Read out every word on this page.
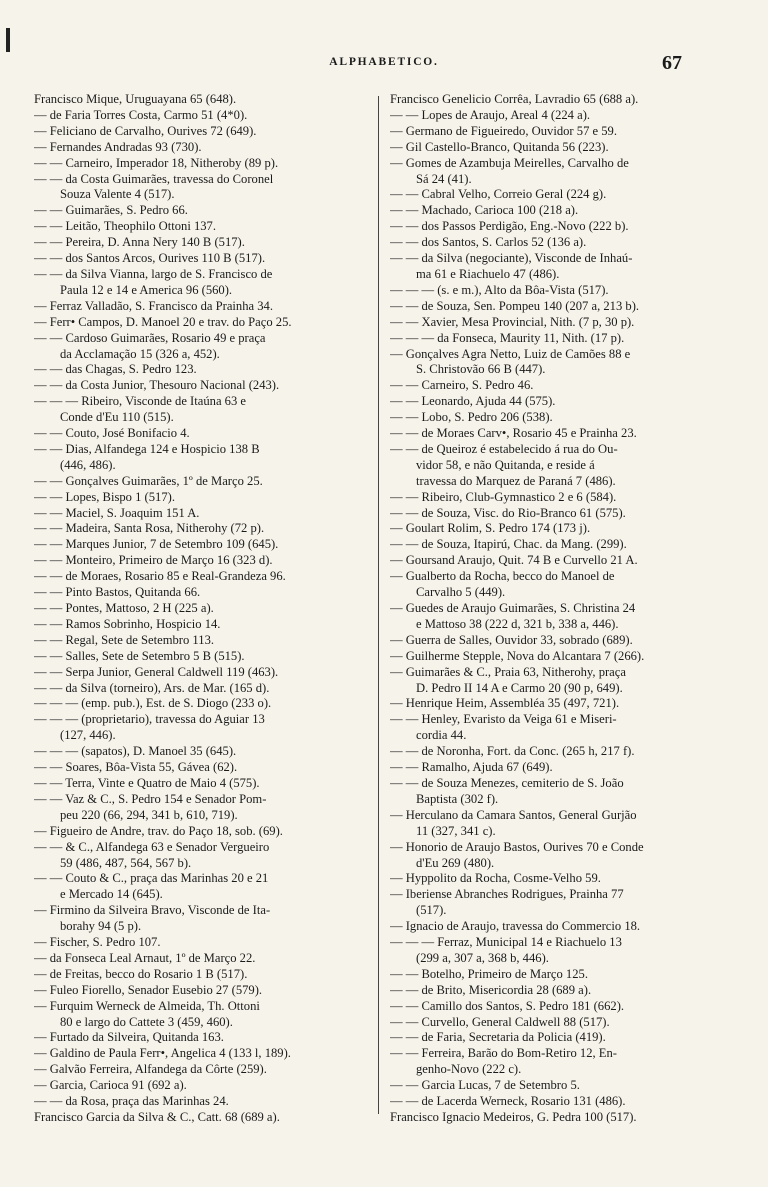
ALPHABETICO.	67
Francisco Mique, Uruguayana 65 (648).
— de Faria Torres Costa, Carmo 51 (4*0).
— Feliciano de Carvalho, Ourives 72 (649).
— Fernandes Andradas 93 (730).
— — Carneiro, Imperador 18, Nitheroby (89 p).
— — da Costa Guimarães, travessa do Coronel
Souza Valente 4 (517).
— — Guimarães, S. Pedro 66.
— — Leitão, Theophilo Ottoni 137.
— — Pereira, D. Anna Nery 140 B (517).
— — dos Santos Arcos, Ourives 110 B (517).
— — da Silva Vianna, largo de S. Francisco de
Paula 12 e 14 e America 96 (560).
— Ferraz Valladão, S. Francisco da Prainha 34.
— Ferr• Campos, D. Manoel 20 e trav. do Paço 25.
— — Cardoso Guimarães, Rosario 49 e praça
da Acclamação 15 (326 a, 452).
— — das Chagas, S. Pedro 123.
— — da Costa Junior, Thesouro Nacional (243).
— — — Ribeiro, Visconde de Itaúna 63 e
Conde d'Eu 110 (515).
— — Couto, José Bonifacio 4.
— — Dias, Alfandega 124 e Hospicio 138 B
(446, 486).
— — Gonçalves Guimarães, 1º de Março 25.
— — Lopes, Bispo 1 (517).
— — Maciel, S. Joaquim 151 A.
— — Madeira, Santa Rosa, Nitherohy (72 p).
— — Marques Junior, 7 de Setembro 109 (645).
— — Monteiro, Primeiro de Março 16 (323 d).
— — de Moraes, Rosario 85 e Real-Grandeza 96.
— — Pinto Bastos, Quitanda 66.
— — Pontes, Mattoso, 2 H (225 a).
— — Ramos Sobrinho, Hospicio 14.
— — Regal, Sete de Setembro 113.
— — Salles, Sete de Setembro 5 B (515).
— — Serpa Junior, General Caldwell 119 (463).
— — da Silva (torneiro), Ars. de Mar. (165 d).
— — — (emp. pub.), Est. de S. Diogo (233 o).
— — — (proprietario), travessa do Aguiar 13
(127, 446).
— — — (sapatos), D. Manoel 35 (645).
— — Soares, Bôa-Vista 55, Gávea (62).
— — Terra, Vinte e Quatro de Maio 4 (575).
— — Vaz & C., S. Pedro 154 e Senador Pom-
peu 220 (66, 294, 341 b, 610, 719).
— Figueiro de Andre, trav. do Paço 18, sob. (69).
— — & C., Alfandega 63 e Senador Vergueiro
59 (486, 487, 564, 567 b).
— — Couto & C., praça das Marinhas 20 e 21
e Mercado 14 (645).
— Firmino da Silveira Bravo, Visconde de Ita-
borahy 94 (5 p).
— Fischer, S. Pedro 107.
— da Fonseca Leal Arnaut, 1º de Março 22.
— de Freitas, becco do Rosario 1 B (517).
— Fuleo Fiorello, Senador Eusebio 27 (579).
— Furquim Werneck de Almeida, Th. Ottoni
80 e largo do Cattete 3 (459, 460).
— Furtado da Silveira, Quitanda 163.
— Galdino de Paula Ferr•, Angelica 4 (133 l, 189).
— Galvão Ferreira, Alfandega da Côrte (259).
— Garcia, Carioca 91 (692 a).
— — da Rosa, praça das Marinhas 24.
Francisco Garcia da Silva & C., Catt. 68 (689 a).
Francisco Genelicio Corrêa, Lavradio 65 (688 a).
— — Lopes de Araujo, Areal 4 (224 a).
— Germano de Figueiredo, Ouvidor 57 e 59.
— Gil Castello-Branco, Quitanda 56 (223).
— Gomes de Azambuja Meirelles, Carvalho de
Sá 24 (41).
— — Cabral Velho, Correio Geral (224 g).
— — Machado, Carioca 100 (218 a).
— — dos Passos Perdigão, Eng.-Novo (222 b).
— — dos Santos, S. Carlos 52 (136 a).
— — da Silva (negociante), Visconde de Inhaú-
ma 61 e Riachuelo 47 (486).
— — — (s. e m.), Alto da Bôa-Vista (517).
— — de Souza, Sen. Pompeu 140 (207 a, 213 b).
— — Xavier, Mesa Provincial, Nith. (7 p, 30 p).
— — — da Fonseca, Maurity 11, Nith. (17 p).
— Gonçalves Agra Netto, Luiz de Camões 88 e
S. Christovão 66 B (447).
— — Carneiro, S. Pedro 46.
— — Leonardo, Ajuda 44 (575).
— — Lobo, S. Pedro 206 (538).
— — de Moraes Carv•, Rosario 45 e Prainha 23.
— — de Queiroz é estabelecido á rua do Ou-
vidor 58, e não Quitanda, e reside á
travessa do Marquez de Paraná 7 (486).
— — Ribeiro, Club-Gymnastico 2 e 6 (584).
— — de Souza, Visc. do Rio-Branco 61 (575).
— Goulart Rolim, S. Pedro 174 (173 j).
— — de Souza, Itapirú, Chac. da Mang. (299).
— Goursand Araujo, Quit. 74 B e Curvello 21 A.
— Gualberto da Rocha, becco do Manoel de
Carvalho 5 (449).
— Guedes de Araujo Guimarães, S. Christina 24
e Mattoso 38 (222 d, 321 b, 338 a, 446).
— Guerra de Salles, Ouvidor 33, sobrado (689).
— Guilherme Stepple, Nova do Alcantara 7 (266).
— Guimarães & C., Praia 63, Nitherohy, praça
D. Pedro II 14 A e Carmo 20 (90 p, 649).
— Henrique Heim, Assembléa 35 (497, 721).
— — Henley, Evaristo da Veiga 61 e Miseri-
cordia 44.
— — de Noronha, Fort. da Conc. (265 h, 217 f).
— — Ramalho, Ajuda 67 (649).
— — de Souza Menezes, cemiterio de S. João
Baptista (302 f).
— Herculano da Camara Santos, General Gurjão
11 (327, 341 c).
— Honorio de Araujo Bastos, Ourives 70 e Conde
d'Eu 269 (480).
— Hyppolito da Rocha, Cosme-Velho 59.
— Iberiense Abranches Rodrigues, Prainha 77
(517).
— Ignacio de Araujo, travessa do Commercio 18.
— — — Ferraz, Municipal 14 e Riachuelo 13
(299 a, 307 a, 368 b, 446).
— — Botelho, Primeiro de Março 125.
— — de Brito, Misericordia 28 (689 a).
— — Camillo dos Santos, S. Pedro 181 (662).
— — Curvello, General Caldwell 88 (517).
— — de Faria, Secretaria da Policia (419).
— — Ferreira, Barão do Bom-Retiro 12, En-
genho-Novo (222 c).
— — Garcia Lucas, 7 de Setembro 5.
— — de Lacerda Werneck, Rosario 131 (486).
Francisco Ignacio Medeiros, G. Pedra 100 (517).
